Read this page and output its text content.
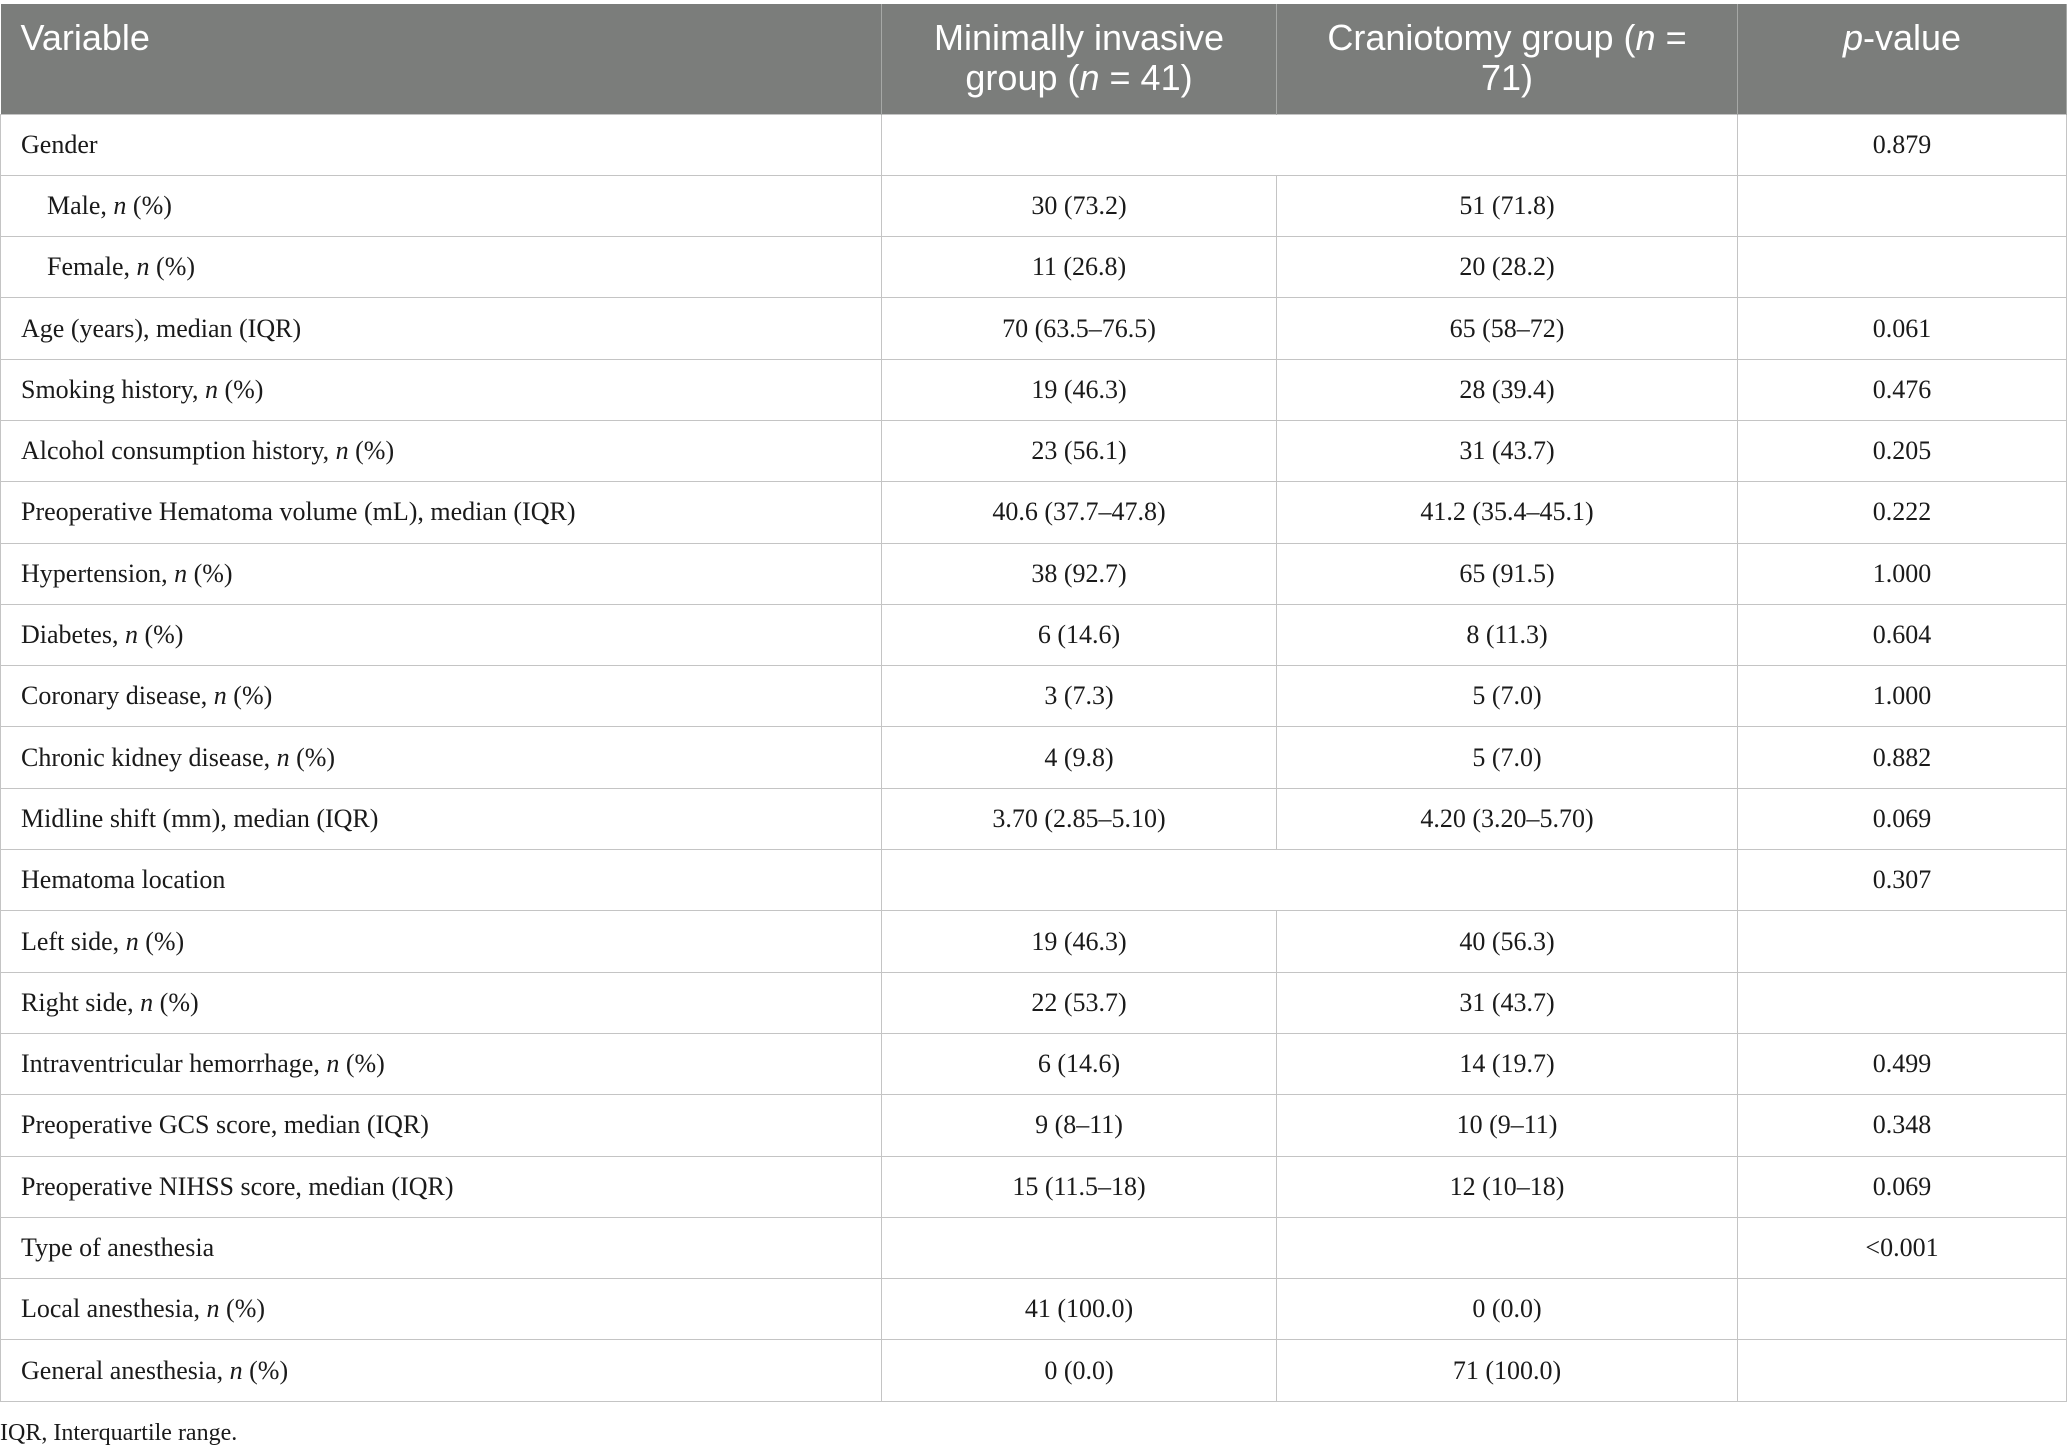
Variable	Minimally invasive group (n = 41)	Craniotomy group (n = 71)	p-value
Gender			0.879
Male, n (%)	30 (73.2)	51 (71.8)	
Female, n (%)	11 (26.8)	20 (28.2)	
Age (years), median (IQR)	70 (63.5–76.5)	65 (58–72)	0.061
Smoking history, n (%)	19 (46.3)	28 (39.4)	0.476
Alcohol consumption history, n (%)	23 (56.1)	31 (43.7)	0.205
Preoperative Hematoma volume (mL), median (IQR)	40.6 (37.7–47.8)	41.2 (35.4–45.1)	0.222
Hypertension, n (%)	38 (92.7)	65 (91.5)	1.000
Diabetes, n (%)	6 (14.6)	8 (11.3)	0.604
Coronary disease, n (%)	3 (7.3)	5 (7.0)	1.000
Chronic kidney disease, n (%)	4 (9.8)	5 (7.0)	0.882
Midline shift (mm), median (IQR)	3.70 (2.85–5.10)	4.20 (3.20–5.70)	0.069
Hematoma location			0.307
Left side, n (%)	19 (46.3)	40 (56.3)	
Right side, n (%)	22 (53.7)	31 (43.7)	
Intraventricular hemorrhage, n (%)	6 (14.6)	14 (19.7)	0.499
Preoperative GCS score, median (IQR)	9 (8–11)	10 (9–11)	0.348
Preoperative NIHSS score, median (IQR)	15 (11.5–18)	12 (10–18)	0.069
Type of anesthesia			<0.001
Local anesthesia, n (%)	41 (100.0)	0 (0.0)	
General anesthesia, n (%)	0 (0.0)	71 (100.0)	
IQR, Interquartile range.
